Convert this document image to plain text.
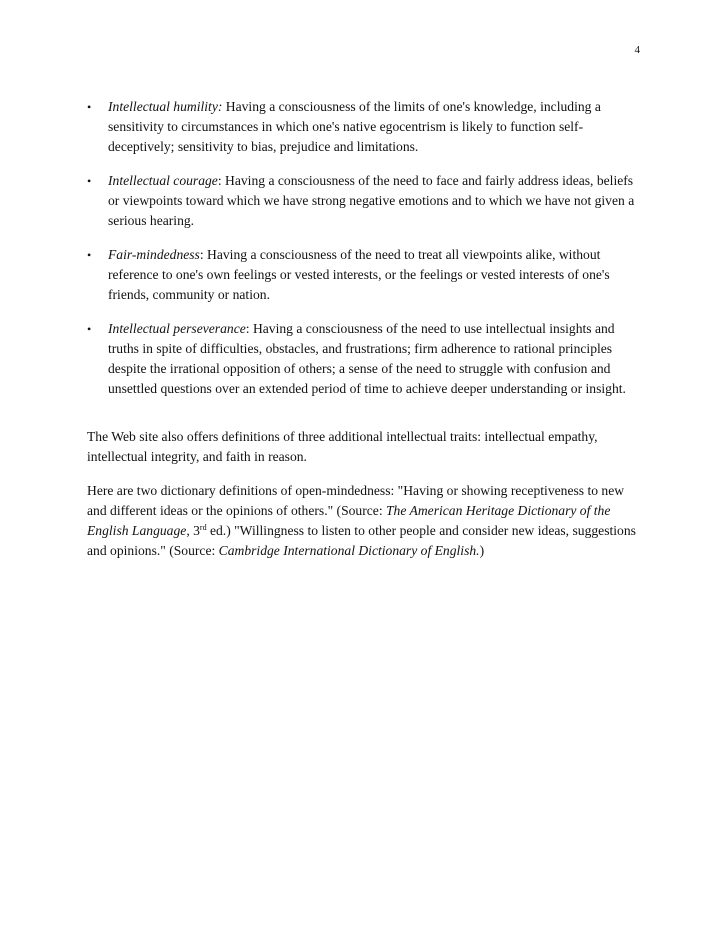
4
• Intellectual humility: Having a consciousness of the limits of one's knowledge, including a sensitivity to circumstances in which one's native egocentrism is likely to function self-deceptively; sensitivity to bias, prejudice and limitations.
• Intellectual courage: Having a consciousness of the need to face and fairly address ideas, beliefs or viewpoints toward which we have strong negative emotions and to which we have not given a serious hearing.
• Fair-mindedness: Having a consciousness of the need to treat all viewpoints alike, without reference to one's own feelings or vested interests, or the feelings or vested interests of one's friends, community or nation.
• Intellectual perseverance: Having a consciousness of the need to use intellectual insights and truths in spite of difficulties, obstacles, and frustrations; firm adherence to rational principles despite the irrational opposition of others; a sense of the need to struggle with confusion and unsettled questions over an extended period of time to achieve deeper understanding or insight.

The Web site also offers definitions of three additional intellectual traits: intellectual empathy, intellectual integrity, and faith in reason.

Here are two dictionary definitions of open-mindedness: "Having or showing receptiveness to new and different ideas or the opinions of others." (Source: The American Heritage Dictionary of the English Language, 3rd ed.) "Willingness to listen to other people and consider new ideas, suggestions and opinions." (Source: Cambridge International Dictionary of English.)
